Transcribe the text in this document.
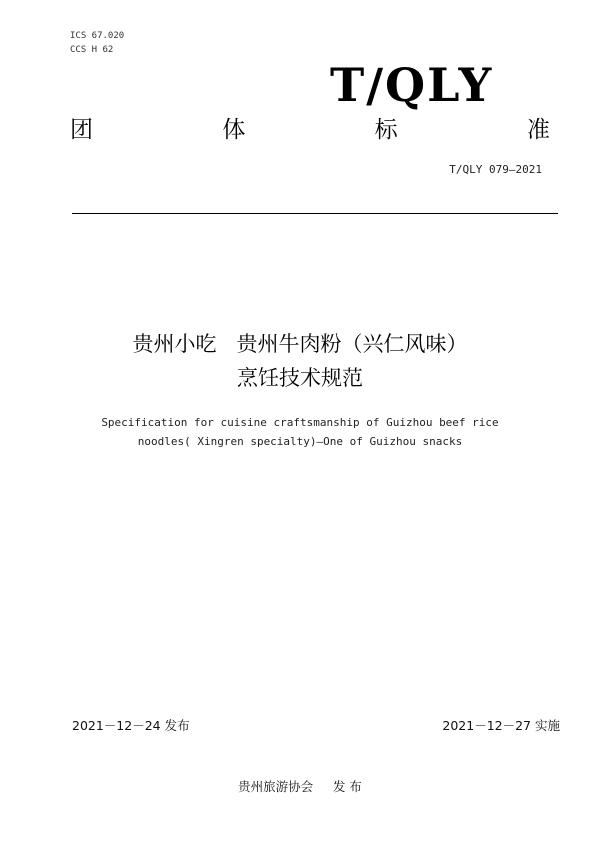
ICS 67.020
CCS H 62
T/QLY
团	体	标	准
T/QLY 079—2021
贵州小吃   贵州牛肉粉（兴仁风味）
烹饪技术规范
Specification for cuisine craftsmanship of Guizhou beef rice
noodles( Xingren specialty)—One of Guizhou snacks
2021－12－24 发布	2021－12－27 实施
贵州旅游协会     发 布
